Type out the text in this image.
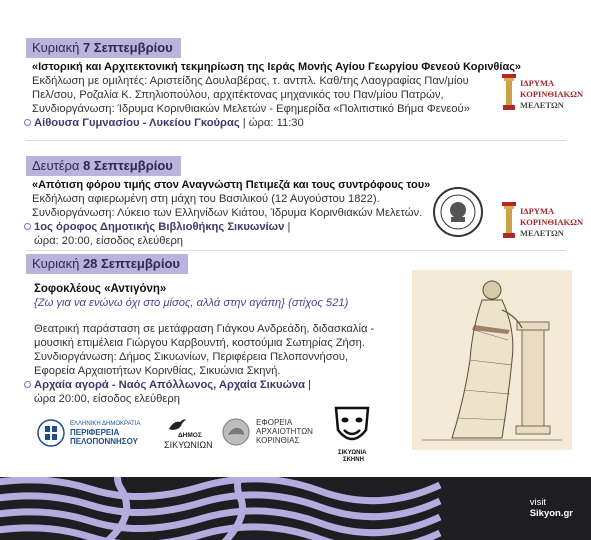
Κυριακή 7 Σεπτεμβρίου
«Ιστορική και Αρχιτεκτονική τεκμηρίωση της Ιεράς Μονής Αγίου Γεωργίου Φενεού Κορινθίας»
Εκδήλωση με ομιλητές: Αριστείδης Δουλαβέρας, τ. αντπλ. Καθ/της Λαογραφίας Παν/μίου
Πελ/σου, Ροζαλία Κ. Σπηλιοπούλου, αρχιτέκτονας μηχανικός του Παν/μίου Πατρών,
Συνδιοργάνωση: Ίδρυμα Κορινθιακών Μελετών - Εφημερίδα «Πολιτιστικό Βήμα Φενεού»
Αίθουσα Γυμνασίου - Λυκείου Γκούρας | ώρα: 11:30
ΙΔΡΥΜΑ
ΚΟΡΙΝΘΙΑΚΩΝ
ΜΕΛΕΤΩΝ
Δευτέρα 8 Σεπτεμβρίου
«Απότιση φόρου τιμής στον Αναγνώστη Πετιμεζά και τους συντρόφους του»
Εκδήλωση αφιερωμένη στη μάχη του Βασιλικού (12 Αυγούστου 1822).
Συνδιοργάνωση: Λύκειο των Ελληνίδων Κιάτου, Ίδρυμα Κορινθιακών Μελετών.
1ος όροφος Δημοτικής Βιβλιοθήκης Σικυωνίων |
ώρα: 20:00, είσοδος ελεύθερη
ΙΔΡΥΜΑ
ΚΟΡΙΝΘΙΑΚΩΝ
ΜΕΛΕΤΩΝ
Κυριακή 28 Σεπτεμβρίου
Σοφοκλέους «Αντιγόνη»
{Ζω για να ενώνω όχι στο μίσος, αλλά στην αγάπη} (στίχος 521)
Θεατρική παράσταση σε μετάφραση Γιάγκου Ανδρεάδη, διδασκαλία -
μουσική επιμέλεια Γιώργου Καρβουντή, κοστούμια Σωτηρίας Ζήση.
Συνδιοργάνωση: Δήμος Σικυωνίων, Περιφέρεια Πελοποννήσου,
Εφορεία Αρχαιοτήτων Κορινθίας, Σικυώνια Σκηνή.
Αρχαία αγορά - Ναός Απόλλωνος, Αρχαία Σικυώνα |
ώρα 20:00, είσοδος ελεύθερη
ΕΛΛΗΝΙΚΗ ΔΗΜΟΚΡΑΤΙΑ
ΠΕΡΙΦΕΡΕΙΑ
ΠΕΛΟΠΟΝΝΗΣΟΥ
ΔΗΜΟΣ
ΣΙΚΥΩΝΙΩΝ
ΕΦΟΡΕΙΑ
ΑΡΧΑΙΟΤΗΤΩΝ
ΚΟΡΙΝΘΙΑΣ
ΣΙΚΥΩΝΙΑ
ΣΚΗΝΗ
visit
Sikyon.gr
